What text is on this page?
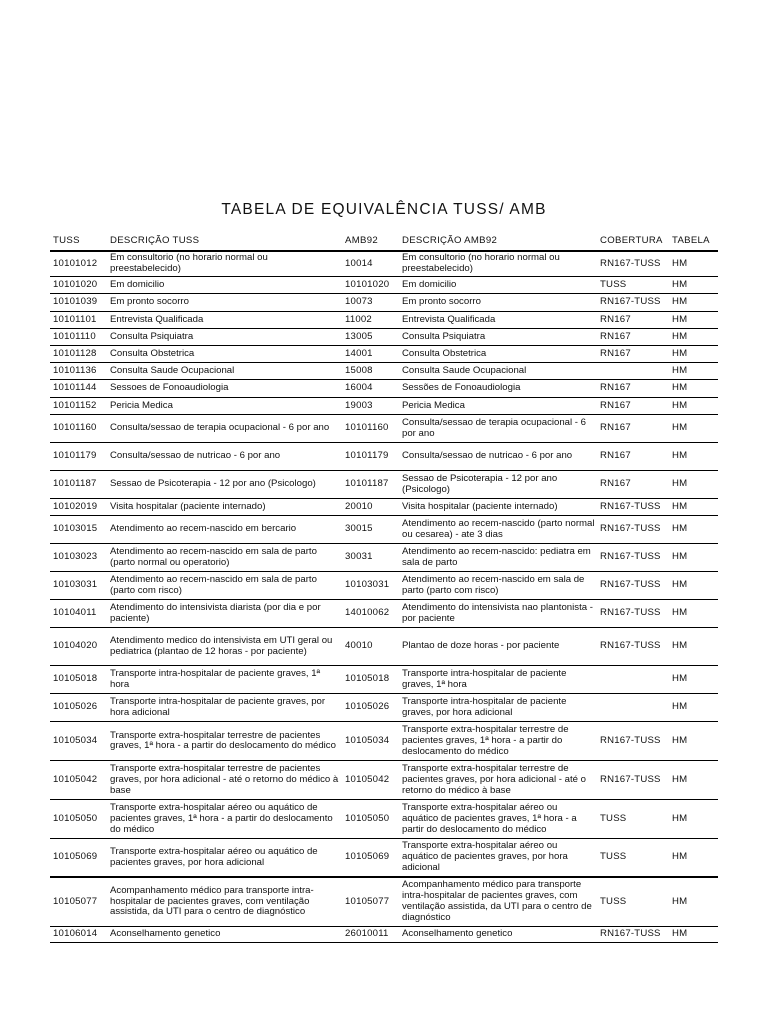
TABELA DE EQUIVALÊNCIA TUSS/ AMB
TUSS	DESCRIÇÃO TUSS	AMB92	DESCRIÇÃO AMB92	COBERTURA	TABELA
10101012	Em consultorio (no horario normal ou preestabelecido)	10014	Em consultorio (no horario normal ou preestabelecido)	RN167-TUSS	HM
10101020	Em domicilio	10101020	Em domicilio	TUSS	HM
10101039	Em pronto socorro	10073	Em pronto socorro	RN167-TUSS	HM
10101101	Entrevista Qualificada	11002	Entrevista Qualificada	RN167	HM
10101110	Consulta Psiquiatra	13005	Consulta Psiquiatra	RN167	HM
10101128	Consulta Obstetrica	14001	Consulta Obstetrica	RN167	HM
10101136	Consulta Saude Ocupacional	15008	Consulta Saude Ocupacional		HM
10101144	Sessoes de Fonoaudiologia	16004	Sessões de Fonoaudiologia	RN167	HM
10101152	Pericia Medica	19003	Pericia Medica	RN167	HM
10101160	Consulta/sessao de terapia ocupacional - 6 por ano	10101160	Consulta/sessao de terapia ocupacional - 6 por ano	RN167	HM
10101179	Consulta/sessao de nutricao - 6 por ano	10101179	Consulta/sessao de nutricao - 6 por ano	RN167	HM
10101187	Sessao de Psicoterapia - 12 por ano (Psicologo)	10101187	Sessao de Psicoterapia - 12 por ano (Psicologo)	RN167	HM
10102019	Visita hospitalar (paciente internado)	20010	Visita hospitalar (paciente internado)	RN167-TUSS	HM
10103015	Atendimento ao recem-nascido em bercario	30015	Atendimento ao recem-nascido (parto normal ou cesarea) - ate 3 dias	RN167-TUSS	HM
10103023	Atendimento ao recem-nascido em sala de parto (parto normal ou operatorio)	30031	Atendimento ao recem-nascido: pediatra em sala de parto	RN167-TUSS	HM
10103031	Atendimento ao recem-nascido em sala de parto (parto com risco)	10103031	Atendimento ao recem-nascido em sala de parto (parto com risco)	RN167-TUSS	HM
10104011	Atendimento do intensivista diarista (por dia e por paciente)	14010062	Atendimento do intensivista nao plantonista - por paciente	RN167-TUSS	HM
10104020	Atendimento medico do intensivista em UTI geral ou pediatrica (plantao de 12 horas - por paciente)	40010	Plantao de doze horas - por paciente	RN167-TUSS	HM
10105018	Transporte intra-hospitalar de paciente graves, 1ª hora	10105018	Transporte intra-hospitalar de paciente graves, 1ª hora		HM
10105026	Transporte intra-hospitalar de paciente graves, por hora adicional	10105026	Transporte intra-hospitalar de paciente graves, por hora adicional		HM
10105034	Transporte extra-hospitalar terrestre de pacientes graves, 1ª hora - a partir do deslocamento do médico	10105034	Transporte extra-hospitalar terrestre de pacientes graves, 1ª hora - a partir do deslocamento do médico	RN167-TUSS	HM
10105042	Transporte extra-hospitalar terrestre de pacientes graves, por hora adicional - até o retorno do médico à base	10105042	Transporte extra-hospitalar terrestre de pacientes graves, por hora adicional - até o retorno do médico à base	RN167-TUSS	HM
10105050	Transporte extra-hospitalar aéreo ou aquático de pacientes graves, 1ª hora - a partir do deslocamento do médico	10105050	Transporte extra-hospitalar aéreo ou aquático de pacientes graves, 1ª hora - a partir do deslocamento do médico	TUSS	HM
10105069	Transporte extra-hospitalar aéreo ou aquático de pacientes graves, por hora adicional	10105069	Transporte extra-hospitalar aéreo ou aquático de pacientes graves, por hora adicional	TUSS	HM
10105077	Acompanhamento médico para transporte intra-hospitalar de pacientes graves, com ventilação assistida, da UTI para o centro de diagnóstico	10105077	Acompanhamento médico para transporte intra-hospitalar de pacientes graves, com ventilação assistida, da UTI para o centro de diagnóstico	TUSS	HM
10106014	Aconselhamento genetico	26010011	Aconselhamento genetico	RN167-TUSS	HM
